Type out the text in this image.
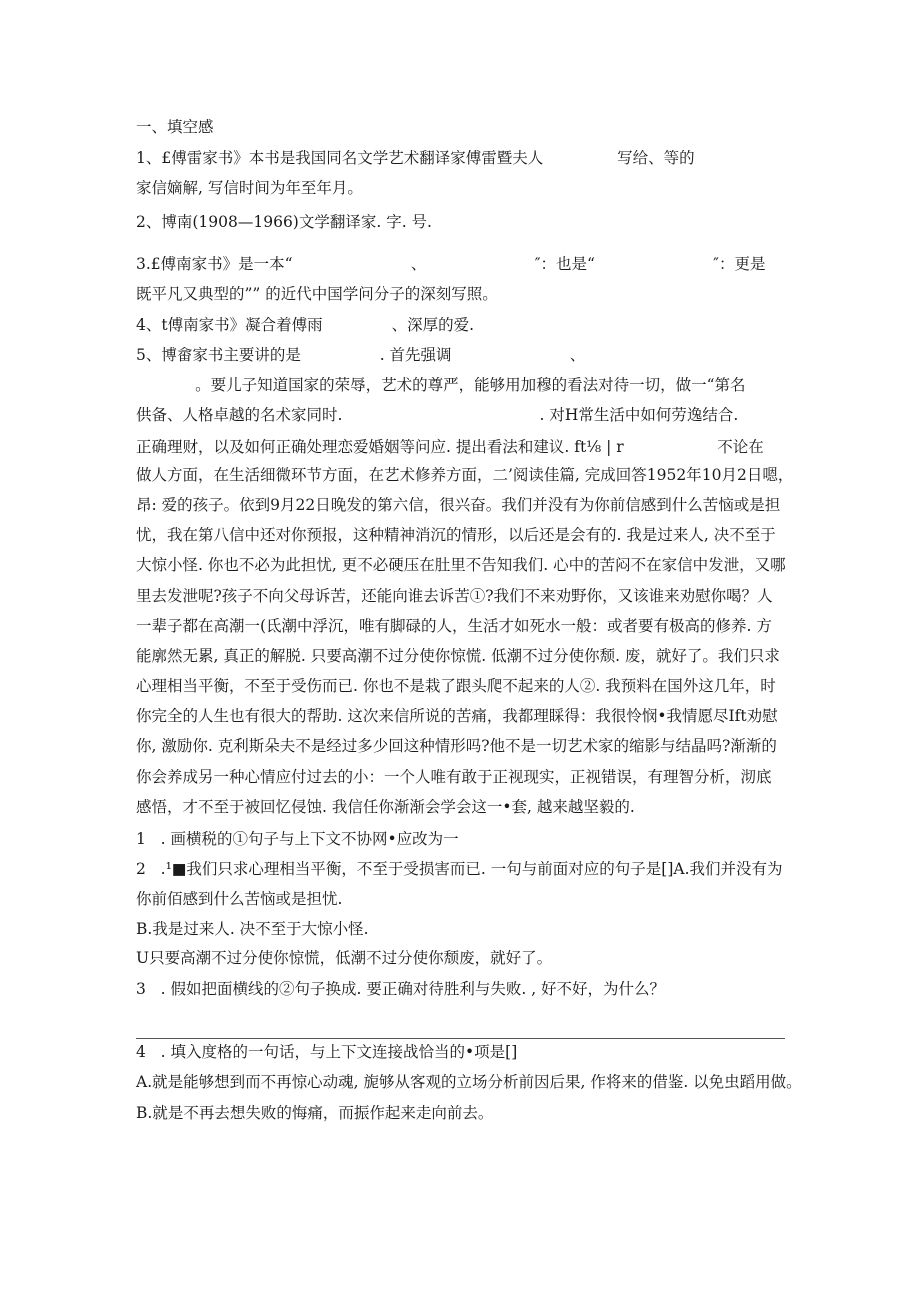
一、填空感

1、£傅雷家书》本书是我国同名文学艺术翻译家傅雷暨夫人               写给、等的

家信嫡解, 写信时间为年至年月。

2、博南(1908—1966)文学翻译家. 字. 号.

3.£傅南家书》是一本“                        、                      ″：也是“                        ″：更是

既平凡又典型的”” 的近代中国学问分子的深刻写照。

4、t傅南家书》凝合着傅雨              、深厚的爱.

5、博畲家书主要讲的是                . 首先强调                        、

。要儿子知道国家的荣辱，艺术的尊严，能够用加穆的看法对待一切，做一“第名

供备、人格卓越的名术家同时.                                        . 对H常生活中如何劳逸结合.

正确理财，以及如何正确处理恋爱婚姻等问应. 提出看法和建议. ft⅛ | r                   不论在

做人方面，在生活细微环节方面，在艺术修养方面，二’阅读佳篇, 完成回答1952年10月2日嗯，

昂: 爱的孩子。依到9月22日晚发的第六信，很兴奋。我们并没有为你前信感到什么苦恼或是担

忧，我在第八信中还对你预报，这种精神消沉的情形，以后还是会有的. 我是过来人, 决不至于

大惊小怪. 你也不必为此担忧, 更不必硬压在肚里不告知我们. 心中的苦闷不在家信中发泄，又哪

里去发泄呢?孩子不向父母诉苦，还能向谁去诉苦①?我们不来劝野你，又该谁来劝慰你喝？人

一辈子都在高潮一(氐潮中浮沉，唯有脚碌的人，生活才如死水一般：或者要有极高的修养. 方

能廓然无累, 真正的解脱. 只要高潮不过分使你惊慌. 低潮不过分使你颓. 废，就好了。我们只求

心理相当平衡，不至于受伤而已. 你也不是栽了跟头爬不起来的人②. 我预料在国外这几年，时

你完全的人生也有很大的帮助. 这次来信所说的苦痛，我都理睬得：我很怜悯•我情愿尽Ift劝慰

你, 激励你. 克利斯朵夫不是经过多少回这种情形吗?他不是一切艺术家的缩影与结晶吗?渐渐的

你会养成另一种心情应付过去的小：一个人唯有敢于正视现实，正视错误，有理智分析，沏底

感悟，才不至于被回忆侵蚀. 我信任你渐渐会学会这一•套, 越来越坚毅的.

1   . 画横税的①句子与上下文不协网•应改为一

2   .¹■我们只求心理相当平衡，不至于受损害而已. 一句与前面对应的句子是[]A.我们并没有为

你前佰感到什么苦恼或是担忧.

B.我是过来人. 决不至于大惊小怪.

U只要高潮不过分使你惊慌，低潮不过分使你颓废，就好了。

3   . 假如把面横线的②句子换成. 要正确对待胜利与失败. , 好不好，为什么？

4   . 填入度格的一句话，与上下文连接战恰当的•项是[]

A.就是能够想到而不再惊心动魂, 旎够从客观的立场分析前因后果, 作将来的借鉴. 以免虫蹈用做。

B.就是不再去想失败的悔痛，而振作起来走向前去。
